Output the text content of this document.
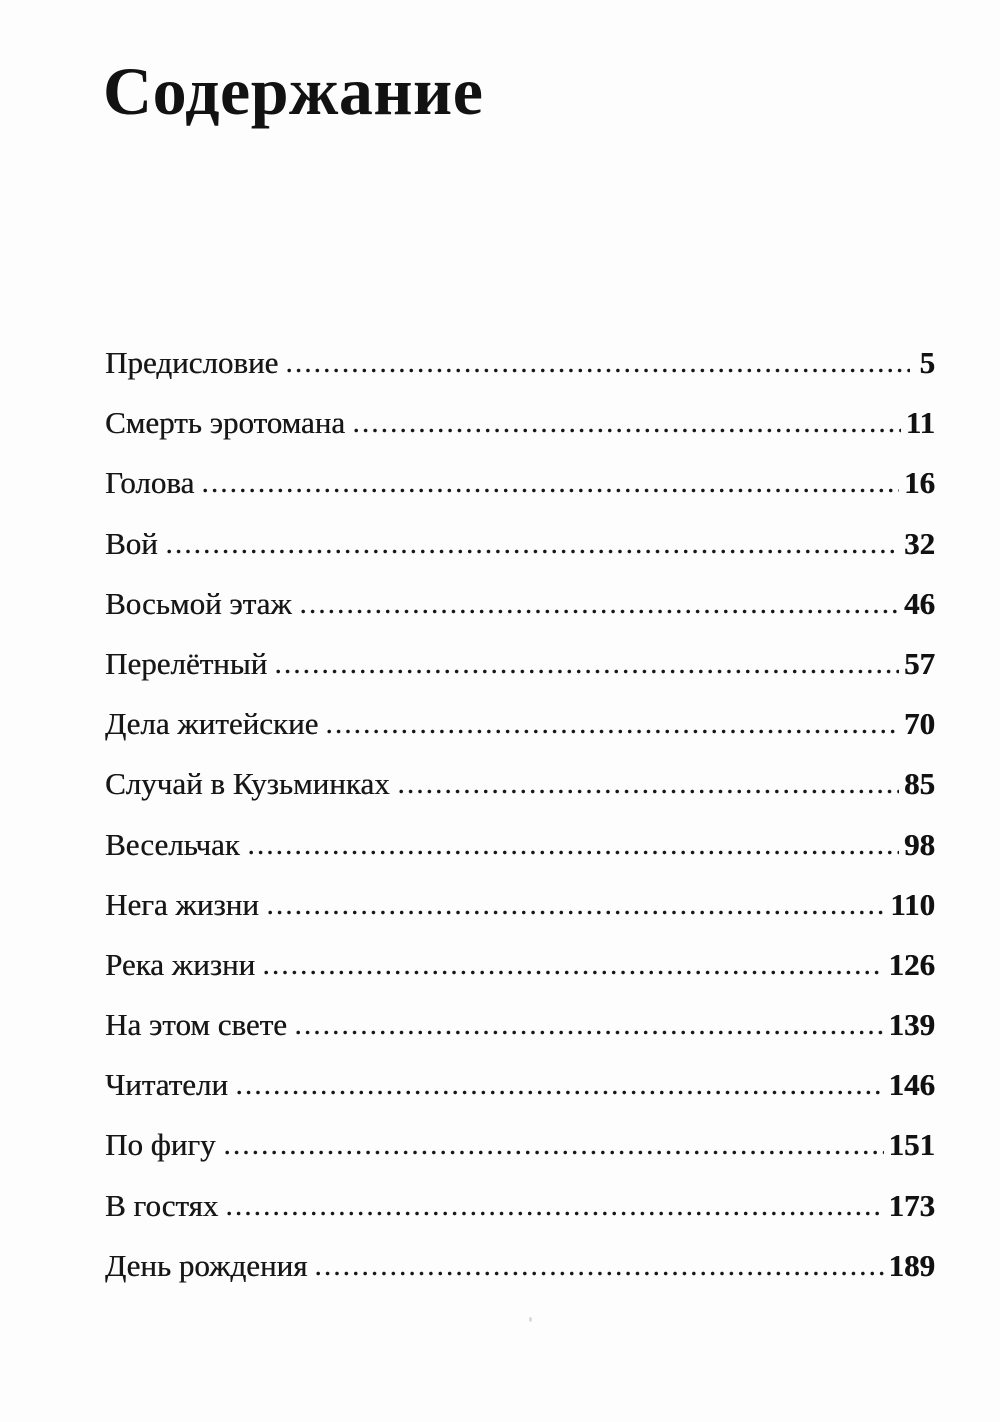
Содержание
Предисловие	5
Смерть эротомана	11
Голова	16
Вой	32
Восьмой этаж	46
Перелётный	57
Дела житейские	70
Случай в Кузьминках	85
Весельчак	98
Нега жизни	110
Река жизни	126
На этом свете	139
Читатели	146
По фигу	151
В гостях	173
День рождения	189
